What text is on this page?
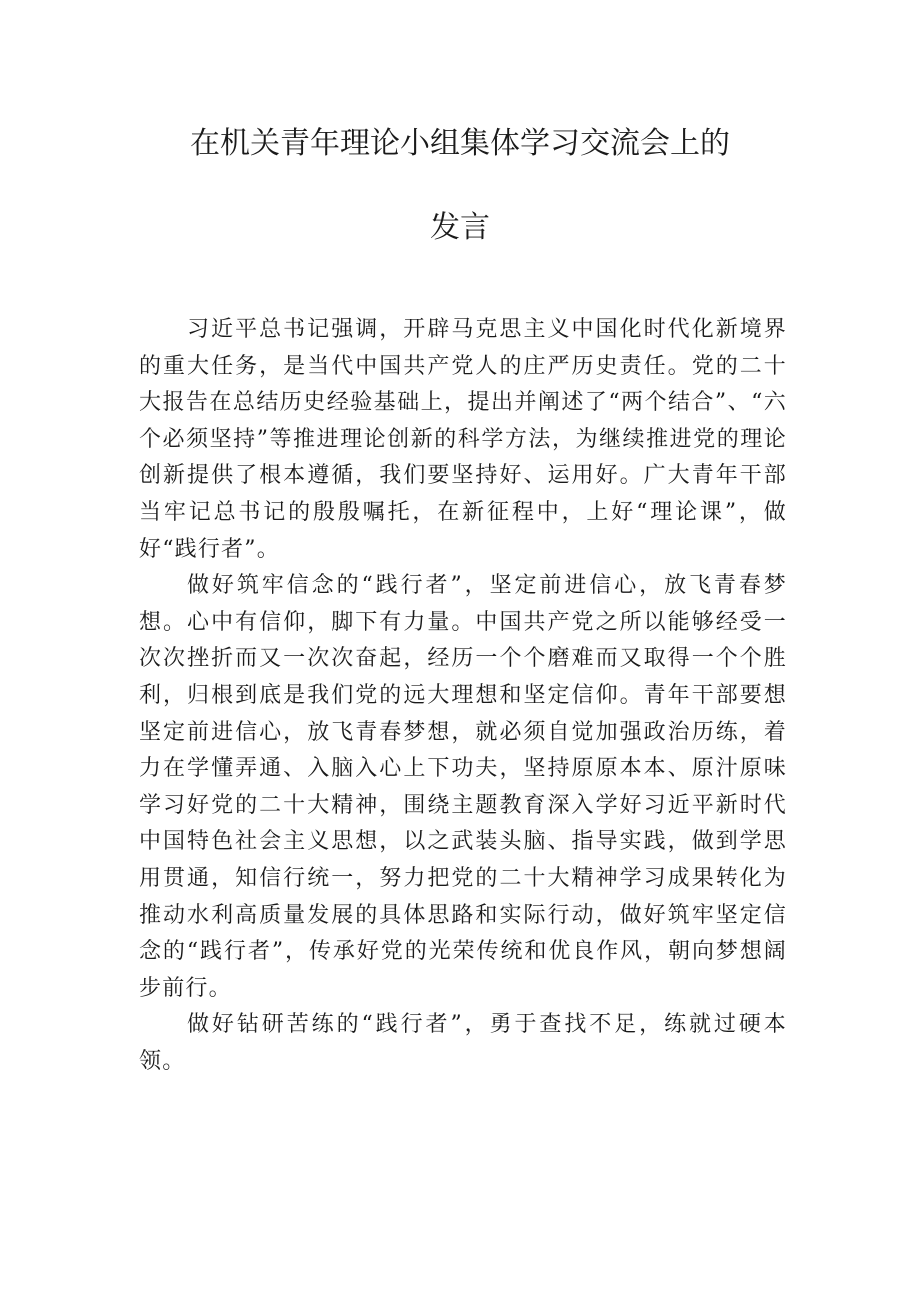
在机关青年理论小组集体学习交流会上的
发言

习近平总书记强调，开辟马克思主义中国化时代化新境界的重大任务，是当代中国共产党人的庄严历史责任。党的二十大报告在总结历史经验基础上，提出并阐述了“两个结合”、“六个必须坚持”等推进理论创新的科学方法，为继续推进党的理论创新提供了根本遵循，我们要坚持好、运用好。广大青年干部当牢记总书记的殷殷嘱托，在新征程中，上好“理论课”，做好“践行者”。

做好筑牢信念的“践行者”，坚定前进信心，放飞青春梦想。心中有信仰，脚下有力量。中国共产党之所以能够经受一次次挫折而又一次次奋起，经历一个个磨难而又取得一个个胜利，归根到底是我们党的远大理想和坚定信仰。青年干部要想坚定前进信心，放飞青春梦想，就必须自觉加强政治历练，着力在学懂弄通、入脑入心上下功夫，坚持原原本本、原汁原味学习好党的二十大精神，围绕主题教育深入学好习近平新时代中国特色社会主义思想，以之武装头脑、指导实践，做到学思用贯通，知信行统一，努力把党的二十大精神学习成果转化为推动水利高质量发展的具体思路和实际行动，做好筑牢坚定信念的“践行者”，传承好党的光荣传统和优良作风，朝向梦想阔步前行。

做好钻研苦练的“践行者”，勇于查找不足，练就过硬本领。
